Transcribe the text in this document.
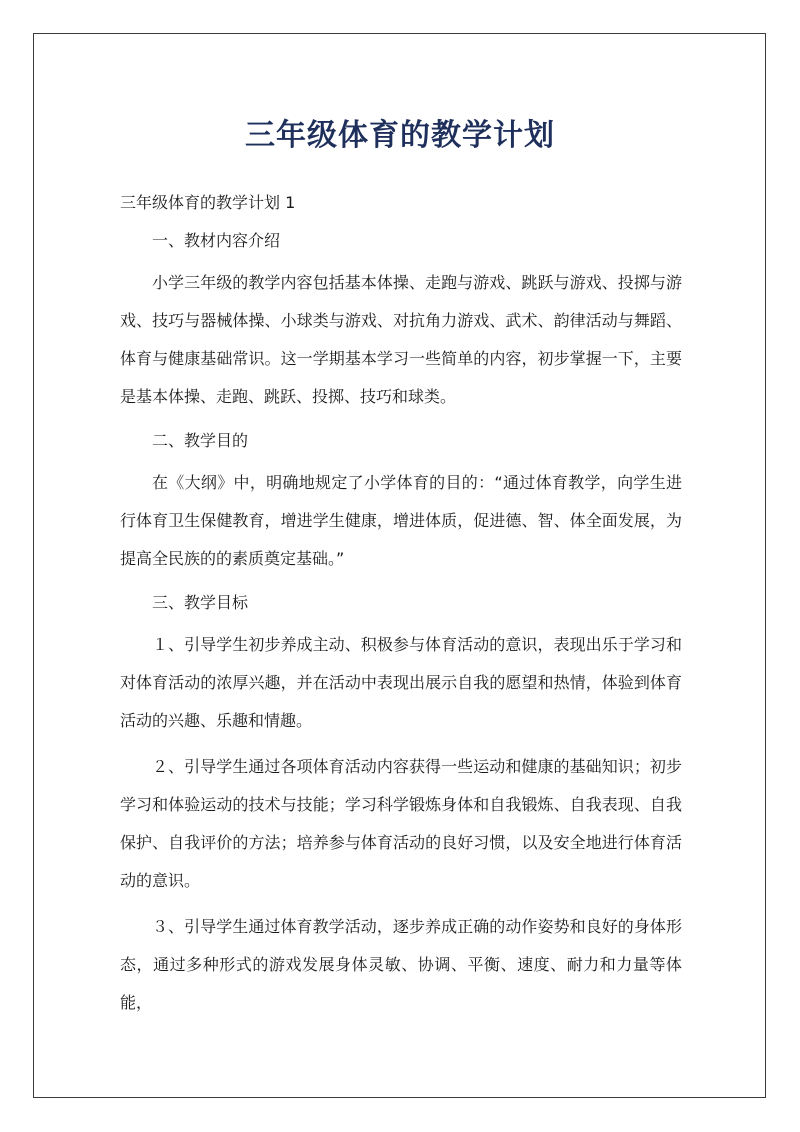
三年级体育的教学计划

三年级体育的教学计划 1

一、教材内容介绍

小学三年级的教学内容包括基本体操、走跑与游戏、跳跃与游戏、投掷与游戏、技巧与器械体操、小球类与游戏、对抗角力游戏、武术、韵律活动与舞蹈、体育与健康基础常识。这一学期基本学习一些简单的内容，初步掌握一下，主要是基本体操、走跑、跳跃、投掷、技巧和球类。

二、教学目的

在《大纲》中，明确地规定了小学体育的目的：“通过体育教学，向学生进行体育卫生保健教育，增进学生健康，增进体质，促进德、智、体全面发展，为提高全民族的的素质奠定基础。”

三、教学目标

１、引导学生初步养成主动、积极参与体育活动的意识，表现出乐于学习和对体育活动的浓厚兴趣，并在活动中表现出展示自我的愿望和热情，体验到体育活动的兴趣、乐趣和情趣。

２、引导学生通过各项体育活动内容获得一些运动和健康的基础知识；初步学习和体验运动的技术与技能；学习科学锻炼身体和自我锻炼、自我表现、自我保护、自我评价的方法；培养参与体育活动的良好习惯，以及安全地进行体育活动的意识。

３、引导学生通过体育教学活动，逐步养成正确的动作姿势和良好的身体形态，通过多种形式的游戏发展身体灵敏、协调、平衡、速度、耐力和力量等体能，
